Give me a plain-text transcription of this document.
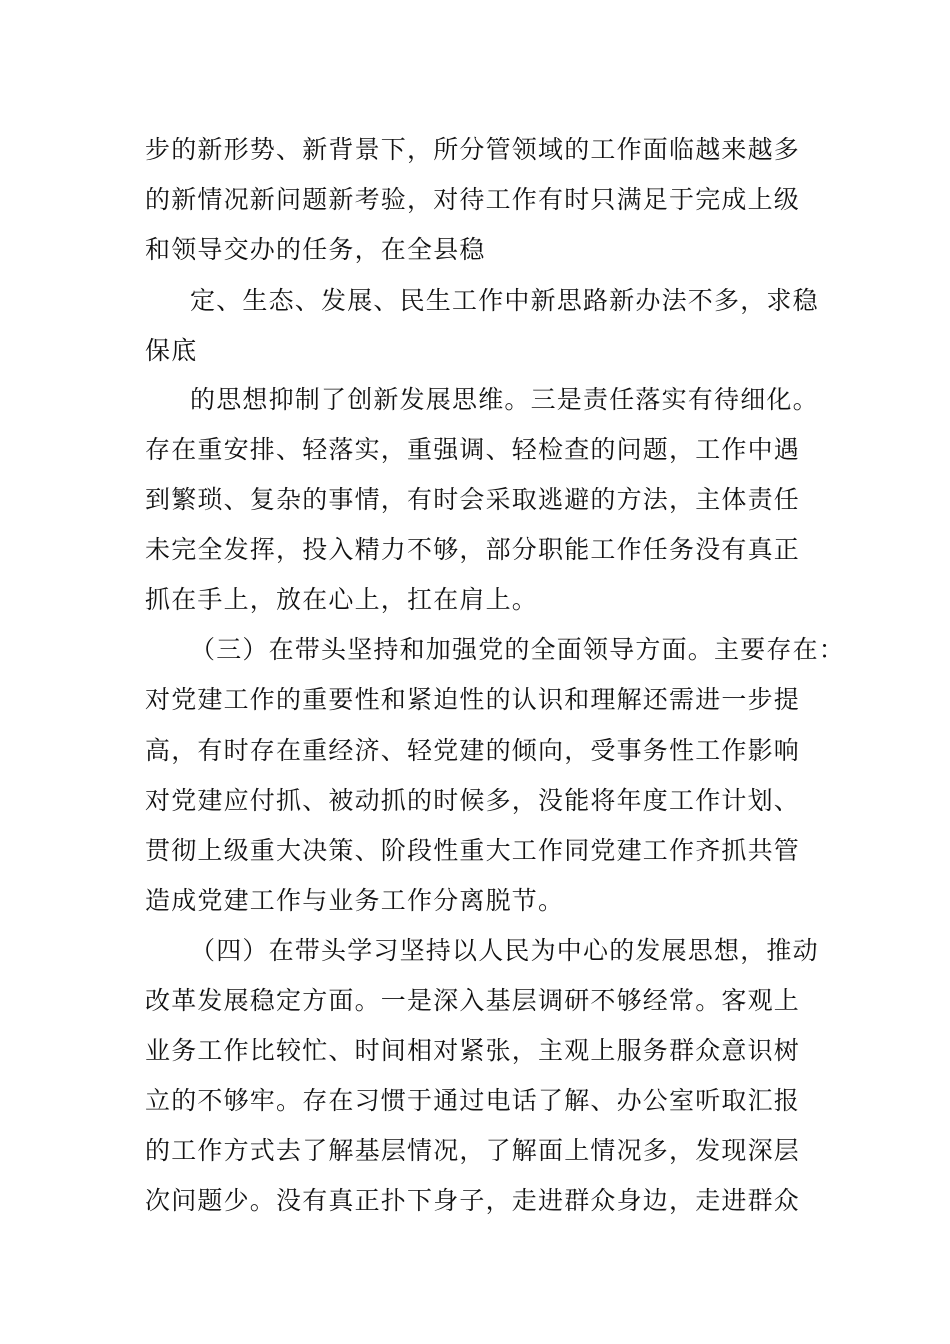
步的新形势、新背景下，所分管领域的工作面临越来越多
的新情况新问题新考验，对待工作有时只满足于完成上级
和领导交办的任务，在全县稳
定、生态、发展、民生工作中新思路新办法不多，求稳
保底
的思想抑制了创新发展思维。三是责任落实有待细化。
存在重安排、轻落实，重强调、轻检查的问题，工作中遇
到繁琐、复杂的事情，有时会采取逃避的方法，主体责任
未完全发挥，投入精力不够，部分职能工作任务没有真正
抓在手上，放在心上，扛在肩上。
（三）在带头坚持和加强党的全面领导方面。主要存在：
对党建工作的重要性和紧迫性的认识和理解还需进一步提
高，有时存在重经济、轻党建的倾向，受事务性工作影响
对党建应付抓、被动抓的时候多，没能将年度工作计划、
贯彻上级重大决策、阶段性重大工作同党建工作齐抓共管
造成党建工作与业务工作分离脱节。
（四）在带头学习坚持以人民为中心的发展思想，推动
改革发展稳定方面。一是深入基层调研不够经常。客观上
业务工作比较忙、时间相对紧张，主观上服务群众意识树
立的不够牢。存在习惯于通过电话了解、办公室听取汇报
的工作方式去了解基层情况，了解面上情况多，发现深层
次问题少。没有真正扑下身子，走进群众身边，走进群众
